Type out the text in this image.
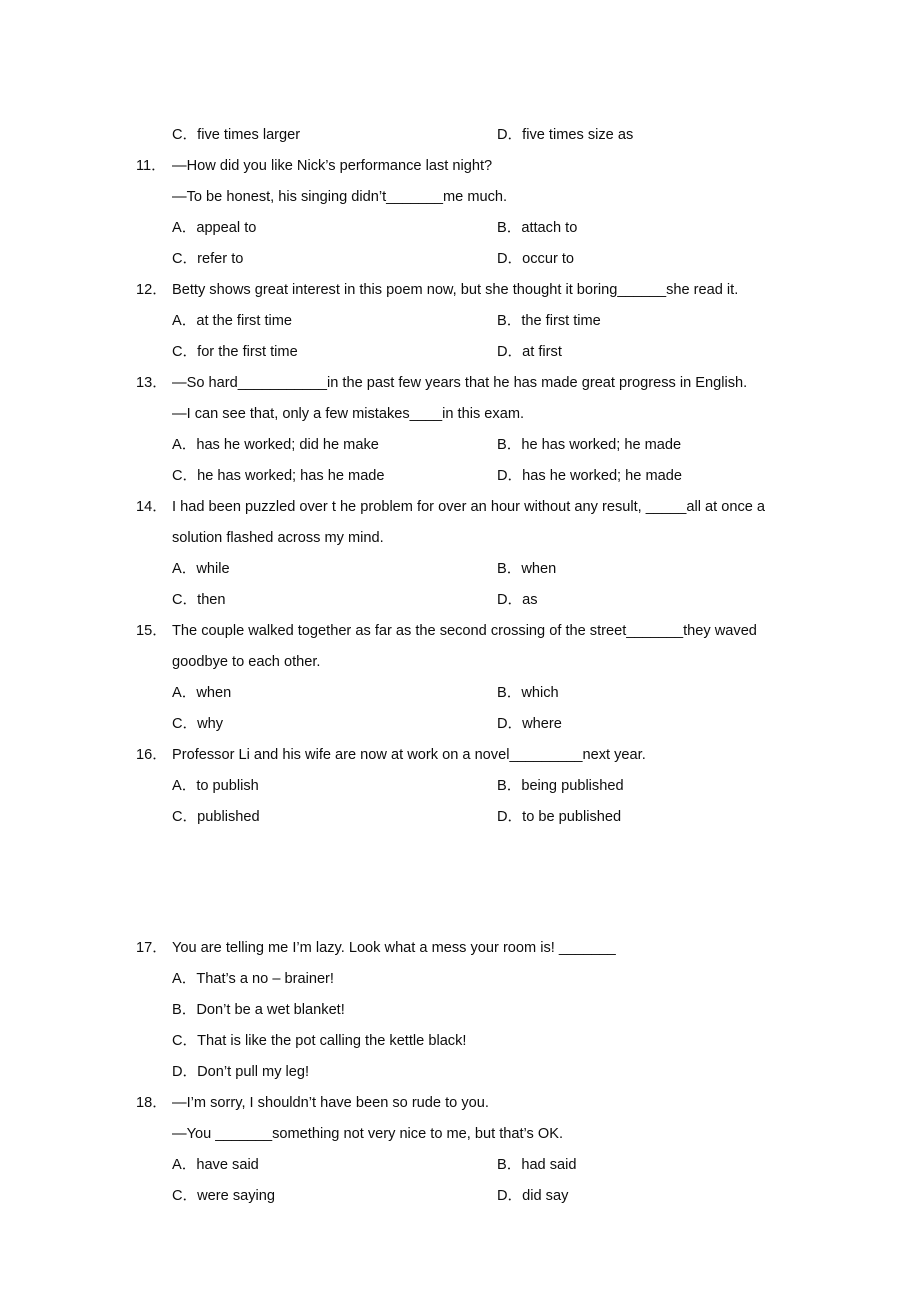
C． five times larger	D． five times size as
11． —How did you like Nick’s performance last night?
—To be honest, his singing didn’t_______me much.
A． appeal to	B． attach to
C． refer to	D． occur to
12． Betty shows great interest in this poem now, but she thought it boring______she read it.
A． at the first time	B． the first time
C． for the first time	D． at first
13． —So hard___________in the past few years that he has made great progress in English.
—I can see that, only a few mistakes____in this exam.
A． has he worked; did he make	B． he has worked; he made
C． he has worked; has he made	D． has he worked; he made
14． I had been puzzled over t he problem for over an hour without any result, _____all at once a solution flashed across my mind.
A． while	B． when
C． then	D． as
15． The couple walked together as far as the second crossing of the street_______they waved goodbye to each other.
A． when	B． which
C． why	D． where
16． Professor Li and his wife are now at work on a novel_________next year.
A． to publish	B． being published
C． published	D． to be published
17． You are telling me I’m lazy. Look what a mess your room is! _______
A． That’s a no – brainer!
B． Don’t be a wet blanket!
C． That is like the pot calling the kettle black!
D． Don’t pull my leg!
18． —I’m sorry, I shouldn’t have been so rude to you.
—You _______something not very nice to me, but that’s OK.
A． have said	B． had said
C． were saying	D． did say
